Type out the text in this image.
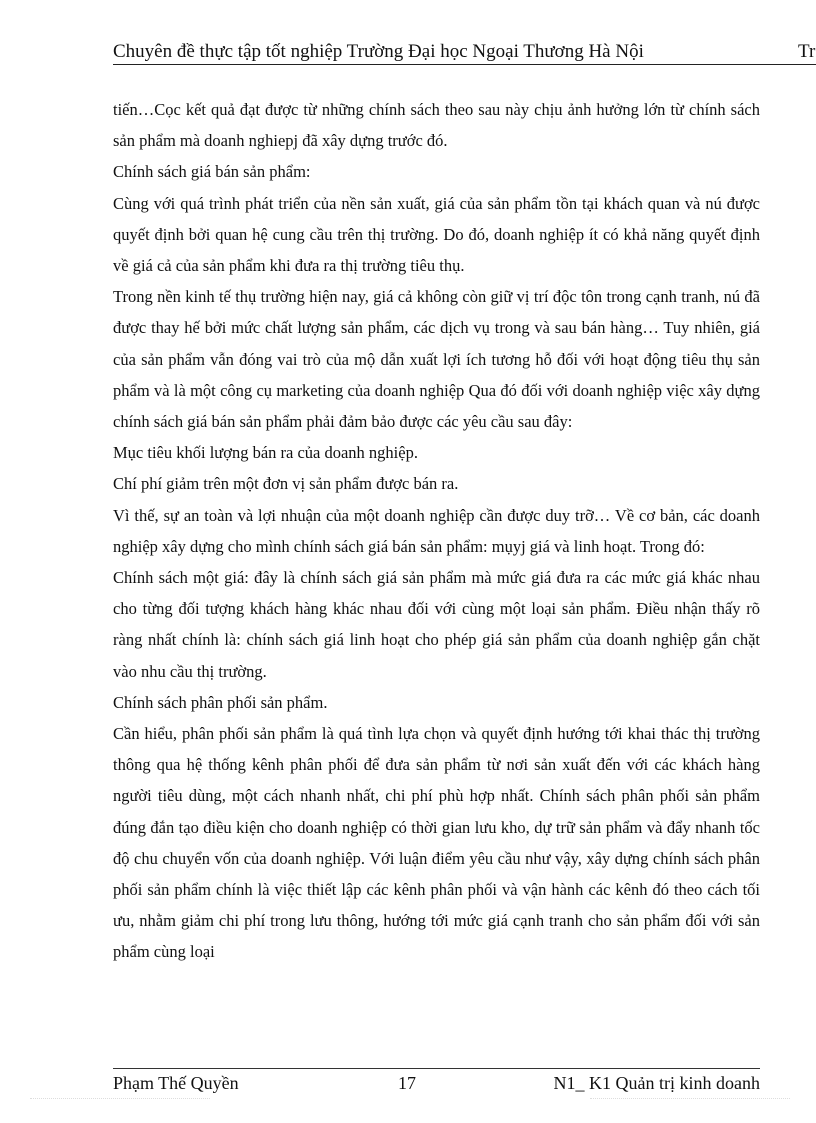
Chuyên đề thực tập tốt nghiệp Trường Đại học Ngoại Thương Hà Nội	Tr

tiến…Cọc kết quả đạt được từ những chính sách theo sau này chịu ảnh hưởng lớn từ chính sách sản phẩm mà doanh nghiepj đã xây dựng trước đó.

Chính sách giá bán sản phẩm:

Cùng với quá trình phát triển của nền sản xuất, giá của sản phẩm tồn tại khách quan và nú được quyết định bởi quan hệ cung cầu trên thị trường. Do đó, doanh nghiệp ít có khả năng quyết định về giá cả của sản phẩm khi đưa ra thị trường tiêu thụ.

Trong nền kinh tế thụ trường hiện nay, giá cả không còn giữ vị trí độc tôn trong cạnh tranh, nú đã được thay hế bởi mức chất lượng sản phẩm, các dịch vụ trong và sau bán hàng… Tuy nhiên, giá của sản phẩm vẫn đóng vai trò của mộ dẫn xuất lợi ích tương hỗ đối với hoạt động tiêu thụ sản phẩm và là một công cụ marketing của doanh nghiệp Qua đó đối với doanh nghiệp việc xây dựng chính sách giá bán sản phẩm phải đảm bảo được các yêu cầu sau đây:

Mục tiêu khối lượng bán ra của doanh nghiệp.

Chí phí giảm trên một đơn vị sản phẩm được bán ra.

Vì thế, sự an toàn và lợi nhuận của một doanh nghiệp cần được duy trỡ… Về cơ bản, các doanh nghiệp xây dựng cho mình chính sách giá bán sản phẩm: mụyj giá và linh hoạt. Trong đó:

Chính sách một giá: đây là chính sách giá sản phẩm mà mức giá đưa ra các mức giá khác nhau cho từng đối tượng khách hàng khác nhau đối với cùng một loại sản phẩm. Điều nhận thấy rõ ràng nhất chính là: chính sách giá linh hoạt cho phép giá sản phẩm của doanh nghiệp gắn chặt vào nhu cầu thị trường.

Chính sách phân phối sản phẩm.

Cần hiểu, phân phối sản phẩm là quá tình lựa chọn và quyết định hướng tới khai thác thị trường thông qua hệ thống kênh phân phối để đưa sản phẩm từ nơi sản xuất đến với các khách hàng người tiêu dùng, một cách nhanh nhất, chi phí phù hợp nhất. Chính sách phân phối sản phẩm đúng đắn tạo điều kiện cho doanh nghiệp có thời gian lưu kho, dự trữ sản phẩm và đẩy nhanh tốc độ chu chuyển vốn của doanh nghiệp. Với luận điểm yêu cầu như vậy, xây dựng chính sách phân phối sản phẩm chính là việc thiết lập các kênh phân phối và vận hành các kênh đó theo cách tối ưu, nhằm giảm chi phí trong lưu thông, hướng tới mức giá cạnh tranh cho sản phẩm đối với sản phẩm cùng loại

Phạm Thế Quyền	17	N1_ K1 Quản trị kinh doanh
